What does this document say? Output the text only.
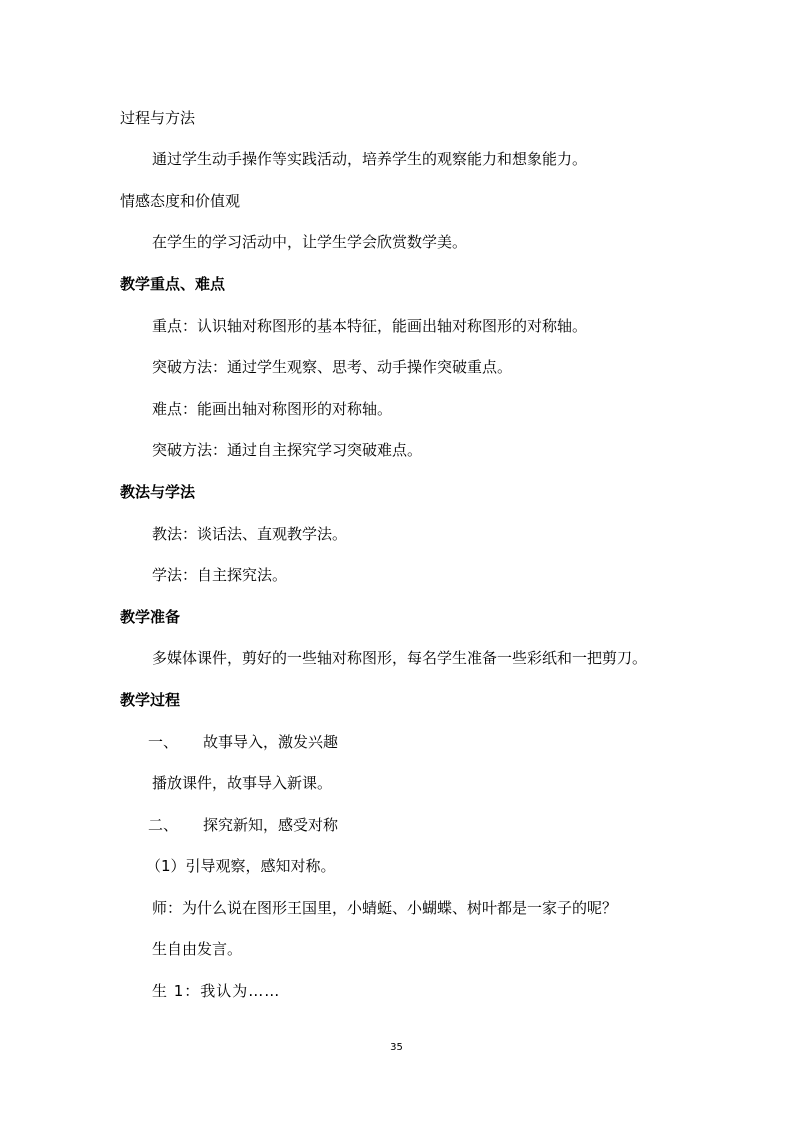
过程与方法
通过学生动手操作等实践活动，培养学生的观察能力和想象能力。
情感态度和价值观
在学生的学习活动中，让学生学会欣赏数学美。
教学重点、难点
重点：认识轴对称图形的基本特征，能画出轴对称图形的对称轴。
突破方法：通过学生观察、思考、动手操作突破重点。
难点：能画出轴对称图形的对称轴。
突破方法：通过自主探究学习突破难点。
教法与学法
教法：谈话法、直观教学法。
学法：自主探究法。
教学准备
多媒体课件，剪好的一些轴对称图形，每名学生准备一些彩纸和一把剪刀。
教学过程
一、 故事导入，激发兴趣
播放课件，故事导入新课。
二、 探究新知，感受对称
（1）引导观察，感知对称。
师：为什么说在图形王国里，小蜻蜓、小蝴蝶、树叶都是一家子的呢？
生自由发言。
生 1：我认为……
35
